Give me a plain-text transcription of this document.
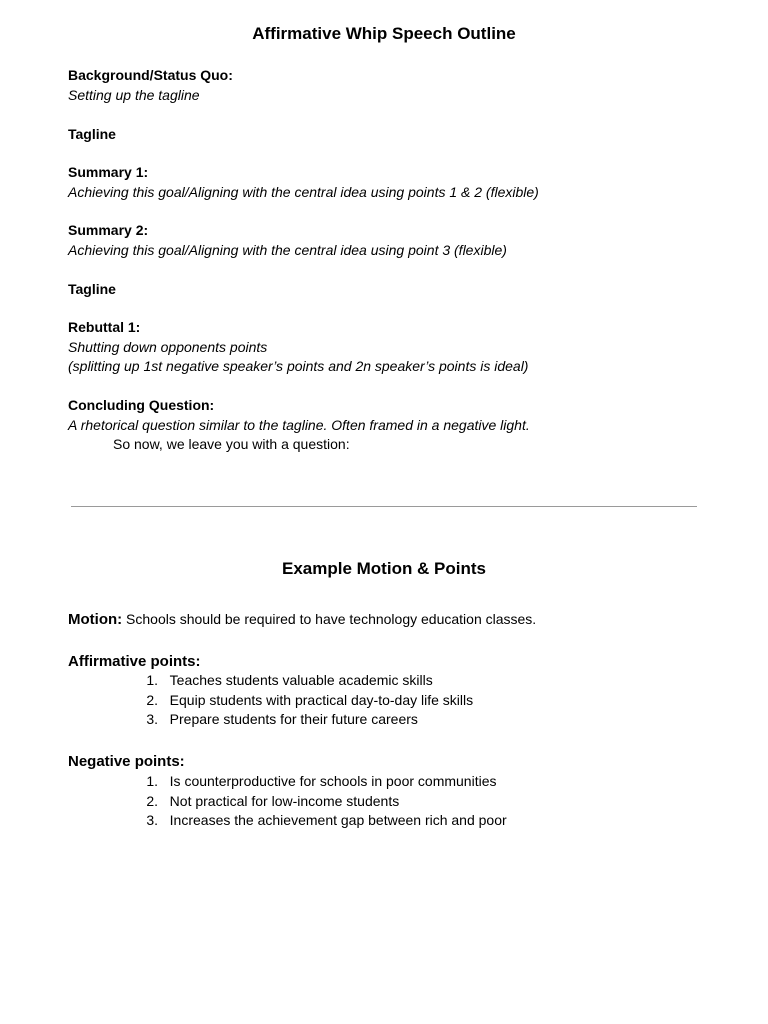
Affirmative Whip Speech Outline
Background/Status Quo:
Setting up the tagline
Tagline
Summary 1:
Achieving this goal/Aligning with the central idea using points 1 & 2 (flexible)
Summary 2:
Achieving this goal/Aligning with the central idea using point 3 (flexible)
Tagline
Rebuttal 1:
Shutting down opponents points
(splitting up 1st negative speaker’s points and 2n speaker’s points is ideal)
Concluding Question:
A rhetorical question similar to the tagline. Often framed in a negative light.
So now, we leave you with a question:
Example Motion & Points
Motion: Schools should be required to have technology education classes.
Affirmative points:
1.
Teaches students valuable academic skills
2.
Equip students with practical day-to-day life skills
3.
Prepare students for their future careers
Negative points:
1.
Is counterproductive for schools in poor communities
2.
Not practical for low-income students
3.
Increases the achievement gap between rich and poor
